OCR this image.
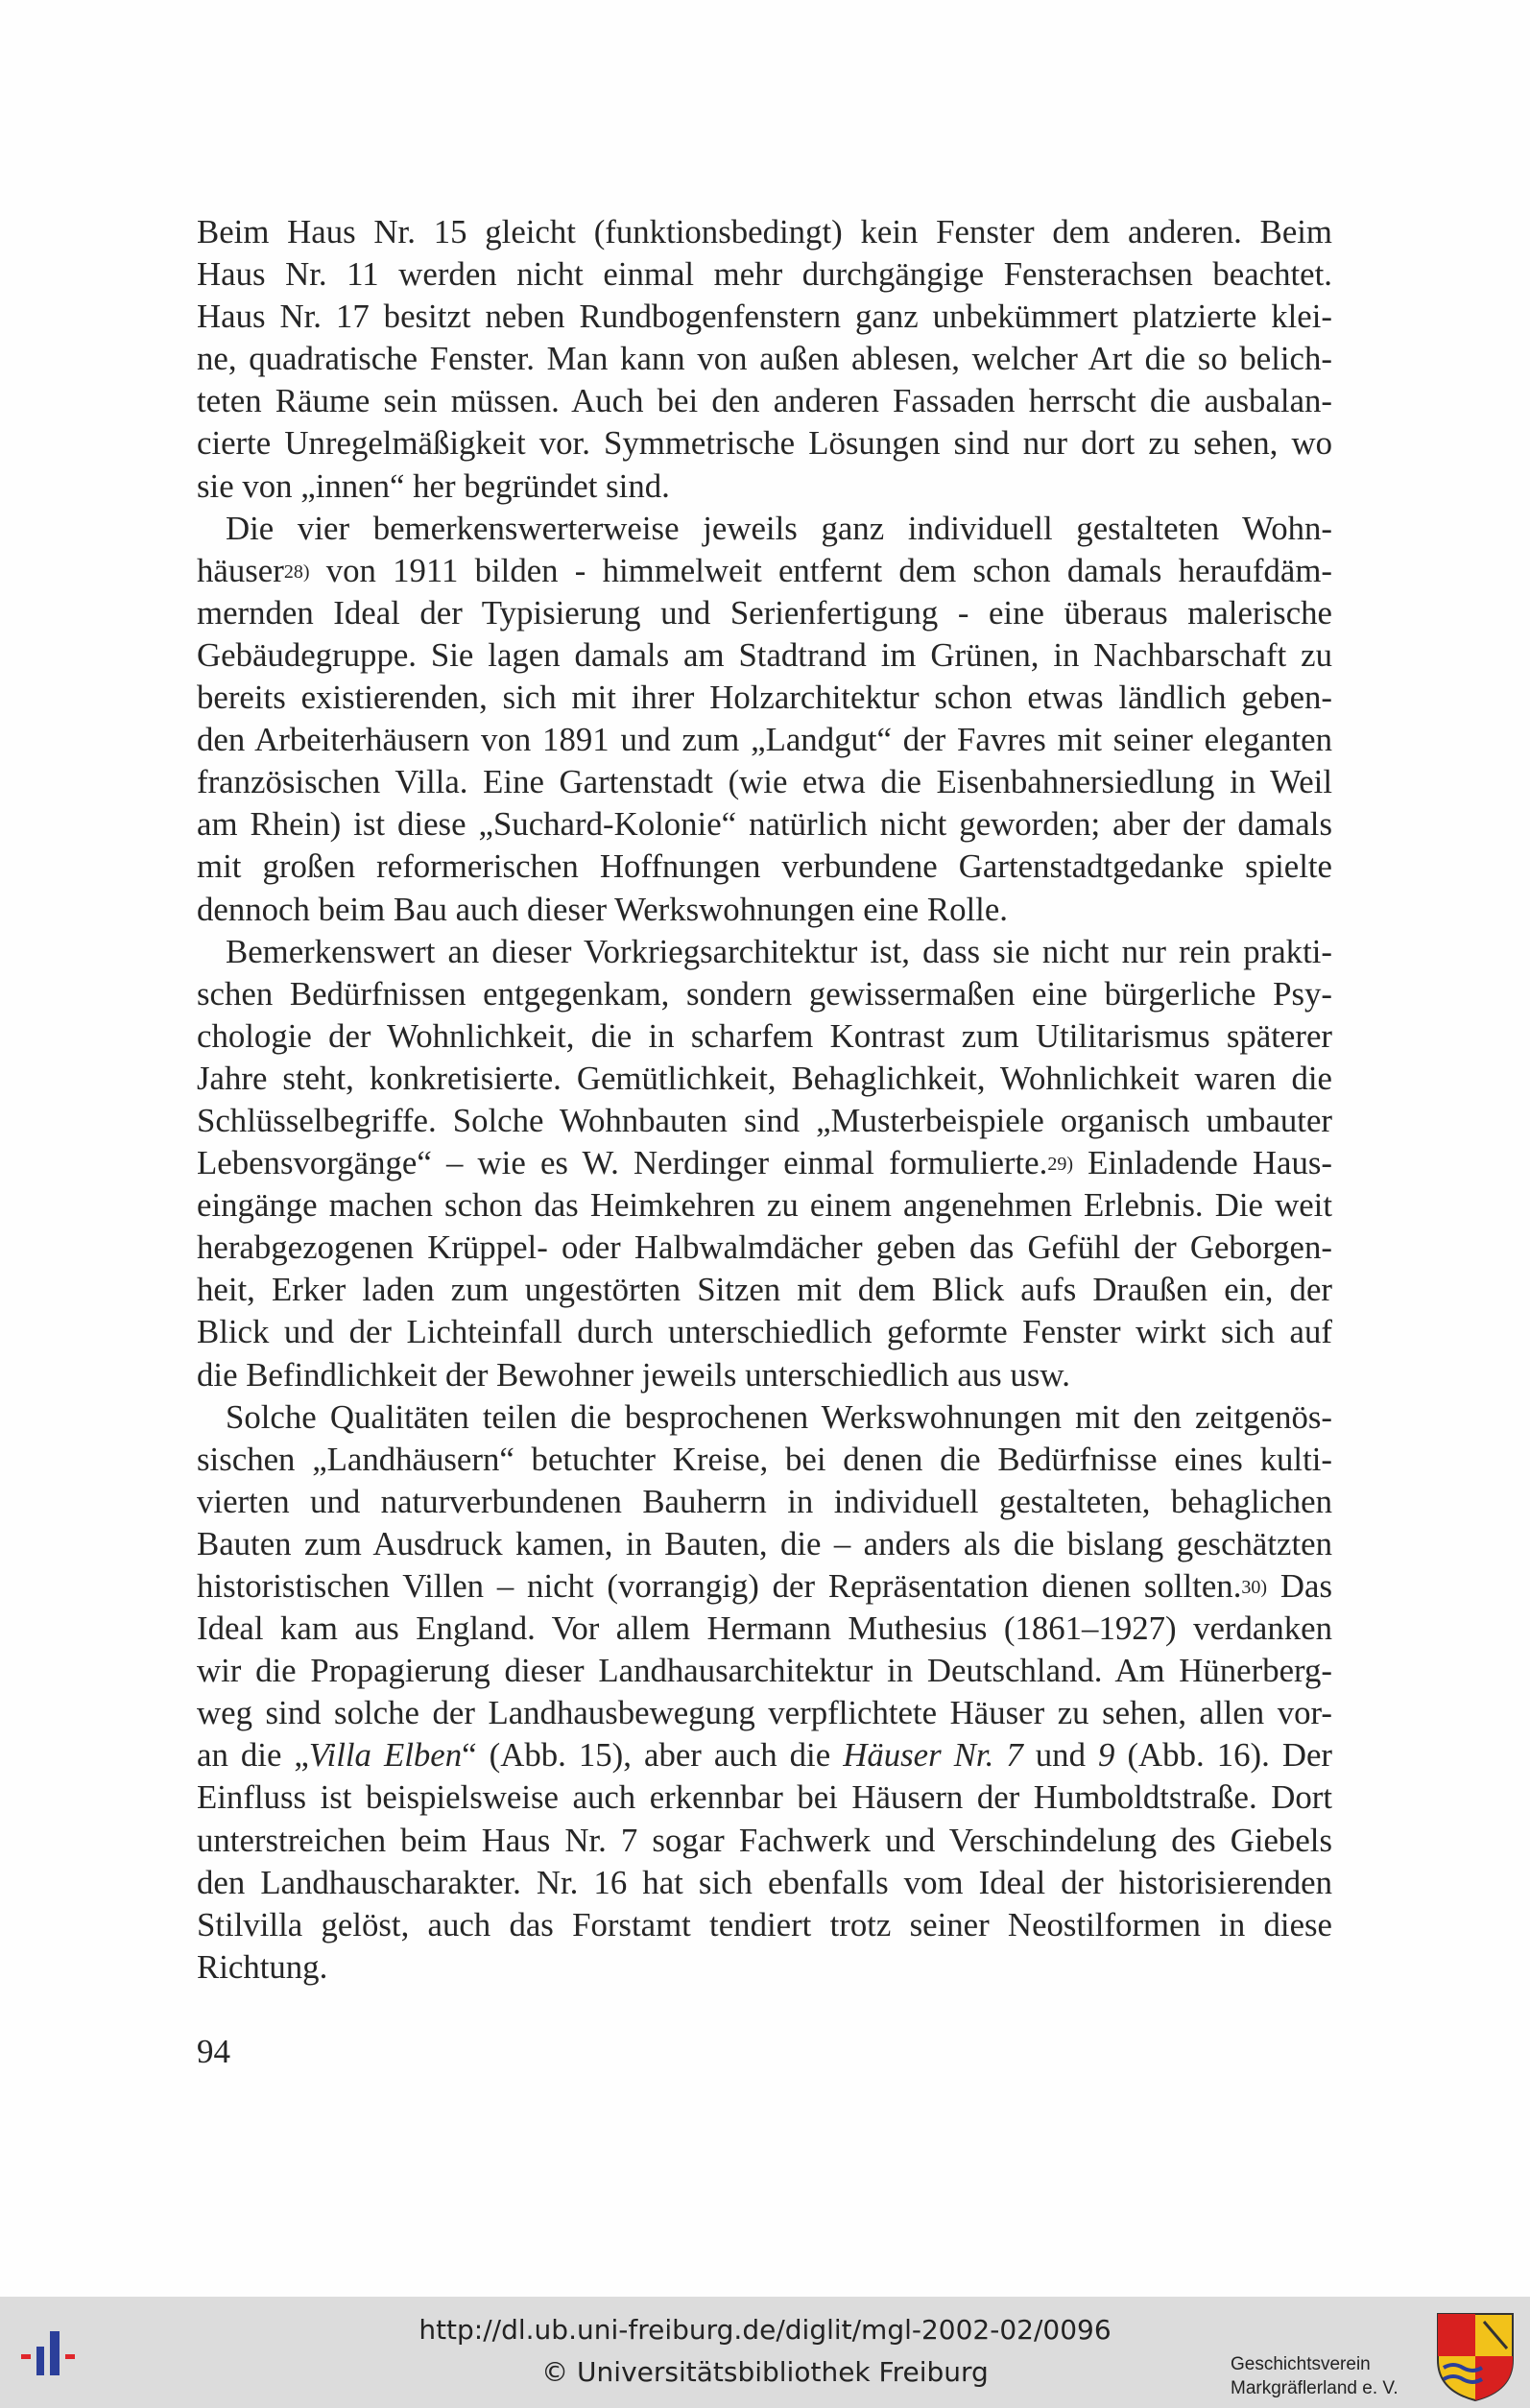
Beim Haus Nr. 15 gleicht (funktionsbedingt) kein Fenster dem anderen. Beim
Haus Nr. 11 werden nicht einmal mehr durchgängige Fensterachsen beachtet.
Haus Nr. 17 besitzt neben Rundbogenfenstern ganz unbekümmert platzierte klei-
ne, quadratische Fenster. Man kann von außen ablesen, welcher Art die so belich-
teten Räume sein müssen. Auch bei den anderen Fassaden herrscht die ausbalan-
cierte Unregelmäßigkeit vor. Symmetrische Lösungen sind nur dort zu sehen, wo
sie von „innen“ her begründet sind.
Die vier bemerkenswerterweise jeweils ganz individuell gestalteten Wohn-
häuser$^{28)}$ von 1911 bilden - himmelweit entfernt dem schon damals heraufdäm-
mernden Ideal der Typisierung und Serienfertigung - eine überaus malerische
Gebäudegruppe. Sie lagen damals am Stadtrand im Grünen, in Nachbarschaft zu
bereits existierenden, sich mit ihrer Holzarchitektur schon etwas ländlich geben-
den Arbeiterhäusern von 1891 und zum „Landgut“ der Favres mit seiner eleganten
französischen Villa. Eine Gartenstadt (wie etwa die Eisenbahnersiedlung in Weil
am Rhein) ist diese „Suchard-Kolonie“ natürlich nicht geworden; aber der damals
mit großen reformerischen Hoffnungen verbundene Gartenstadtgedanke spielte
dennoch beim Bau auch dieser Werkswohnungen eine Rolle.
Bemerkenswert an dieser Vorkriegsarchitektur ist, dass sie nicht nur rein prakti-
schen Bedürfnissen entgegenkam, sondern gewissermaßen eine bürgerliche Psy-
chologie der Wohnlichkeit, die in scharfem Kontrast zum Utilitarismus späterer
Jahre steht, konkretisierte. Gemütlichkeit, Behaglichkeit, Wohnlichkeit waren die
Schlüsselbegriffe. Solche Wohnbauten sind „Musterbeispiele organisch umbauter
Lebensvorgänge“ – wie es W. Nerdinger einmal formulierte.$^{29)}$ Einladende Haus-
eingänge machen schon das Heimkehren zu einem angenehmen Erlebnis. Die weit
herabgezogenen Krüppel- oder Halbwalmdächer geben das Gefühl der Geborgen-
heit, Erker laden zum ungestörten Sitzen mit dem Blick aufs Draußen ein, der
Blick und der Lichteinfall durch unterschiedlich geformte Fenster wirkt sich auf
die Befindlichkeit der Bewohner jeweils unterschiedlich aus usw.
Solche Qualitäten teilen die besprochenen Werkswohnungen mit den zeitgenös-
sischen „Landhäusern“ betuchter Kreise, bei denen die Bedürfnisse eines kulti-
vierten und naturverbundenen Bauherrn in individuell gestalteten, behaglichen
Bauten zum Ausdruck kamen, in Bauten, die – anders als die bislang geschätzten
historistischen Villen – nicht (vorrangig) der Repräsentation dienen sollten.$^{30)}$ Das
Ideal kam aus England. Vor allem Hermann Muthesius (1861–1927) verdanken
wir die Propagierung dieser Landhausarchitektur in Deutschland. Am Hünerberg-
weg sind solche der Landhausbewegung verpflichtete Häuser zu sehen, allen vor-
an die „Villa Elben“ (Abb. 15), aber auch die Häuser Nr. 7 und 9 (Abb. 16). Der
Einfluss ist beispielsweise auch erkennbar bei Häusern der Humboldtstraße. Dort
unterstreichen beim Haus Nr. 7 sogar Fachwerk und Verschindelung des Giebels
den Landhauscharakter. Nr. 16 hat sich ebenfalls vom Ideal der historisierenden
Stilvilla gelöst, auch das Forstamt tendiert trotz seiner Neostilformen in diese
Richtung.
94
http://dl.ub.uni-freiburg.de/diglit/mgl-2002-02/0096
© Universitätsbibliothek Freiburg	Geschichtsverein
Markgräflerland e. V.
